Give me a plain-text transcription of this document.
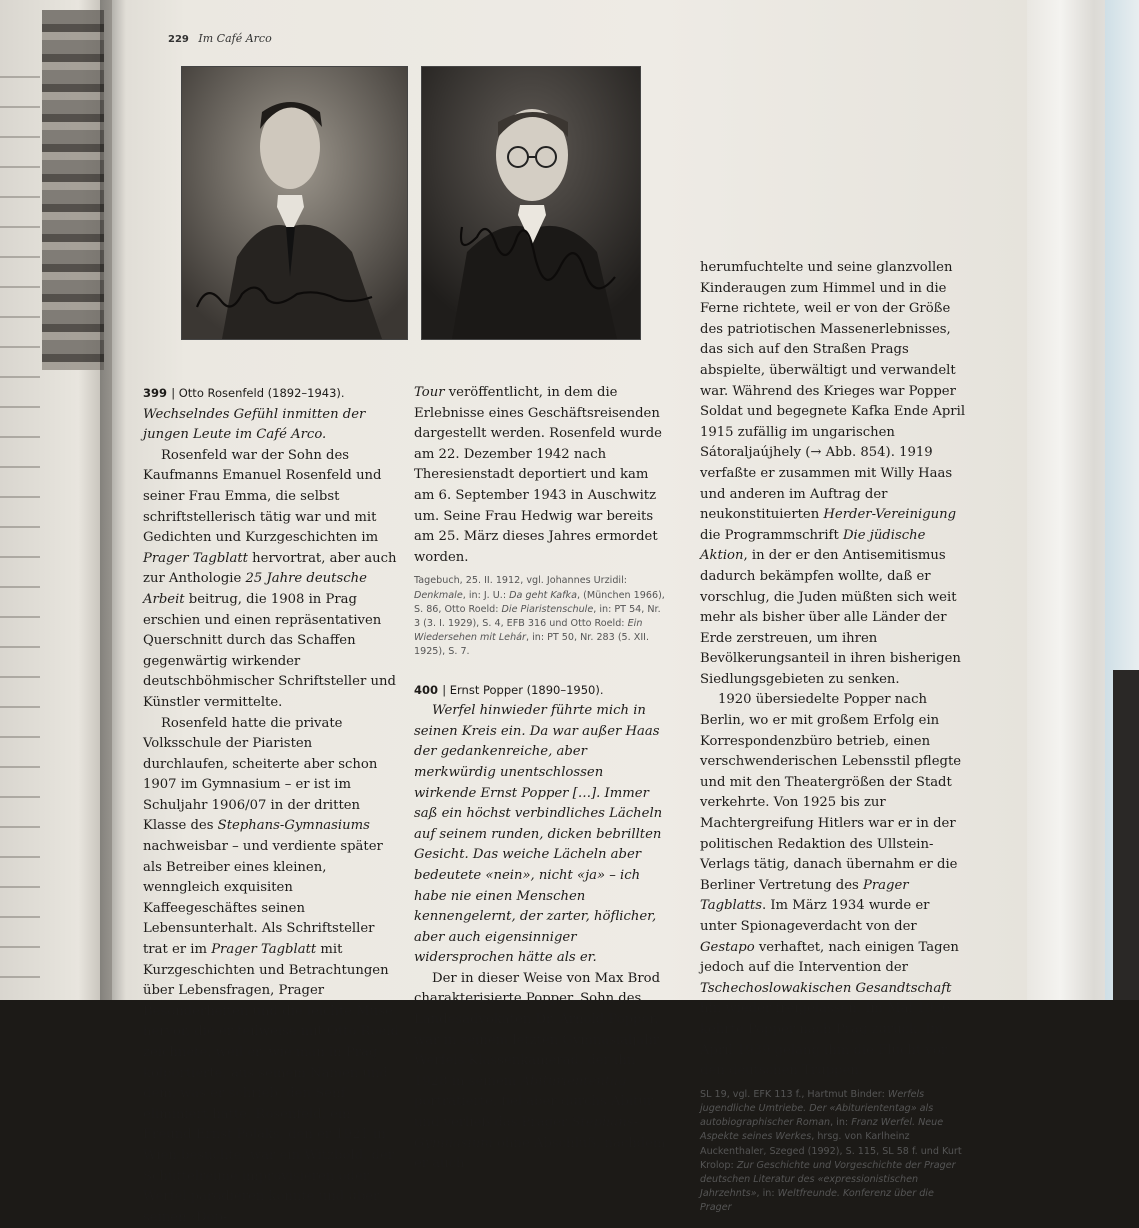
229 Im Café Arco

399 | Otto Rosenfeld (1892–1943).

Wechselndes Gefühl inmitten der jungen Leute im Café Arco.

Rosenfeld war der Sohn des Kaufmanns Emanuel Rosenfeld und seiner Frau Emma, die selbst schriftstellerisch tätig war und mit Gedichten und Kurzgeschichten im Prager Tagblatt hervortrat, aber auch zur Anthologie 25 Jahre deutsche Arbeit beitrug, die 1908 in Prag erschien und einen repräsentativen Querschnitt durch das Schaffen gegenwärtig wirkender deutschböhmischer Schriftsteller und Künstler vermittelte.

Rosenfeld hatte die private Volksschule der Piaristen durchlaufen, scheiterte aber schon 1907 im Gymnasium – er ist im Schuljahr 1906/07 in der dritten Klasse des Stephans-Gymnasiums nachweisbar – und verdiente später als Betreiber eines kleinen, wenngleich exquisiten Kaffeegeschäftes seinen Lebensunterhalt. Als Schriftsteller trat er im Prager Tagblatt mit Kurzgeschichten und Betrachtungen über Lebensfragen, Prager Besonderheiten und die leichte Muse hervor, die er teilweise mit Otto Roeld zeichnete, weil er, wie man in Prag kolportierte, aus seinem Namen und dem, was er schrieb, den Senf eliminiert hatte. Rosenfeld, ein Freund Ernst Polaks, den er 1921 in Wien besuchte, war ein Witzbold, der Schüttelreime improvisieren oder Werfel parodieren konnte und über seinen ‹Dop-

Tour veröffentlicht, in dem die Erlebnisse eines Geschäftsreisenden dargestellt werden. Rosenfeld wurde am 22. Dezember 1942 nach Theresienstadt deportiert und kam am 6. September 1943 in Auschwitz um. Seine Frau Hedwig war bereits am 25. März dieses Jahres ermordet worden.

Tagebuch, 25. II. 1912, vgl. Johannes Urzidil: Denkmale, in: J. U.: Da geht Kafka, (München 1966), S. 86, Otto Roeld: Die Piaristenschule, in: PT 54, Nr. 3 (3. I. 1929), S. 4, EFB 316 und Otto Roeld: Ein Wiedersehen mit Lehár, in: PT 50, Nr. 283 (5. XII. 1925), S. 7.

400 | Ernst Popper (1890–1950).

Werfel hinwieder führte mich in seinen Kreis ein. Da war außer Haas der gedankenreiche, aber merkwürdig unentschlossen wirkende Ernst Popper […]. Immer saß ein höchst verbindliches Lächeln auf seinem runden, dicken bebrillten Gesicht. Das weiche Lächeln aber bedeutete «nein», nicht «ja» – ich habe nie einen Menschen kennengelernt, der zarter, höflicher, aber auch eigensinniger widersprochen hätte als er.

Der in dieser Weise von Max Brod charakterisierte Popper, Sohn des Landesadvokaten Dr. Arnold Popper, war in seinem letzten Gymnasialjahr Werfels Klassenkamerad, der ihn 1928 in seinem Abituriententag porträtierte, fiel aber durchs Abitur und verließ das Prager Stephans-Gymnasium ohne Abschluß, nachdem er auch

herumfuchtelte und seine glanzvollen Kinderaugen zum Himmel und in die Ferne richtete, weil er von der Größe des patriotischen Massenerlebnisses, das sich auf den Straßen Prags abspielte, überwältigt und verwandelt war. Während des Krieges war Popper Soldat und begegnete Kafka Ende April 1915 zufällig im ungarischen Sátoraljaújhely (→ Abb. 854). 1919 verfaßte er zusammen mit Willy Haas und anderen im Auftrag der neukonstituierten Herder-Vereinigung die Programmschrift Die jüdische Aktion, in der er den Antisemitismus dadurch bekämpfen wollte, daß er vorschlug, die Juden müßten sich weit mehr als bisher über alle Länder der Erde zerstreuen, um ihren Bevölkerungsanteil in ihren bisherigen Siedlungsgebieten zu senken.

1920 übersiedelte Popper nach Berlin, wo er mit großem Erfolg ein Korrespondenzbüro betrieb, einen verschwenderischen Lebensstil pflegte und mit den Theatergrößen der Stadt verkehrte. Von 1925 bis zur Machtergreifung Hitlers war er in der politischen Redaktion des Ullstein-Verlags tätig, danach übernahm er die Berliner Vertretung des Prager Tagblatts. Im März 1934 wurde er unter Spionageverdacht von der Gestapo verhaftet, nach einigen Tagen jedoch auf die Intervention der Tschechoslowakischen Gesandtschaft hin wieder freigelassen. Im Mai 1936 kehrte Popper nach Prag zurück. Im April 1939 gelang ihm die Flucht vor den deutschen Truppen.

SL 19, vgl. EFK 113 f., Hartmut Binder: Werfels jugendliche Umtriebe. Der «Abituriententag» als autobiographischer Roman, in: Franz Werfel. Neue Aspekte seines Werkes, hrsg. von Karlheinz Auckenthaler, Szeged (1992), S. 115, SL 58 f. und Kurt Krolop: Zur Geschichte und Vorgeschichte der Prager deutschen Literatur des «expressionistischen Jahrzehnts», in: Weltfreunde. Konferenz über die Prager
